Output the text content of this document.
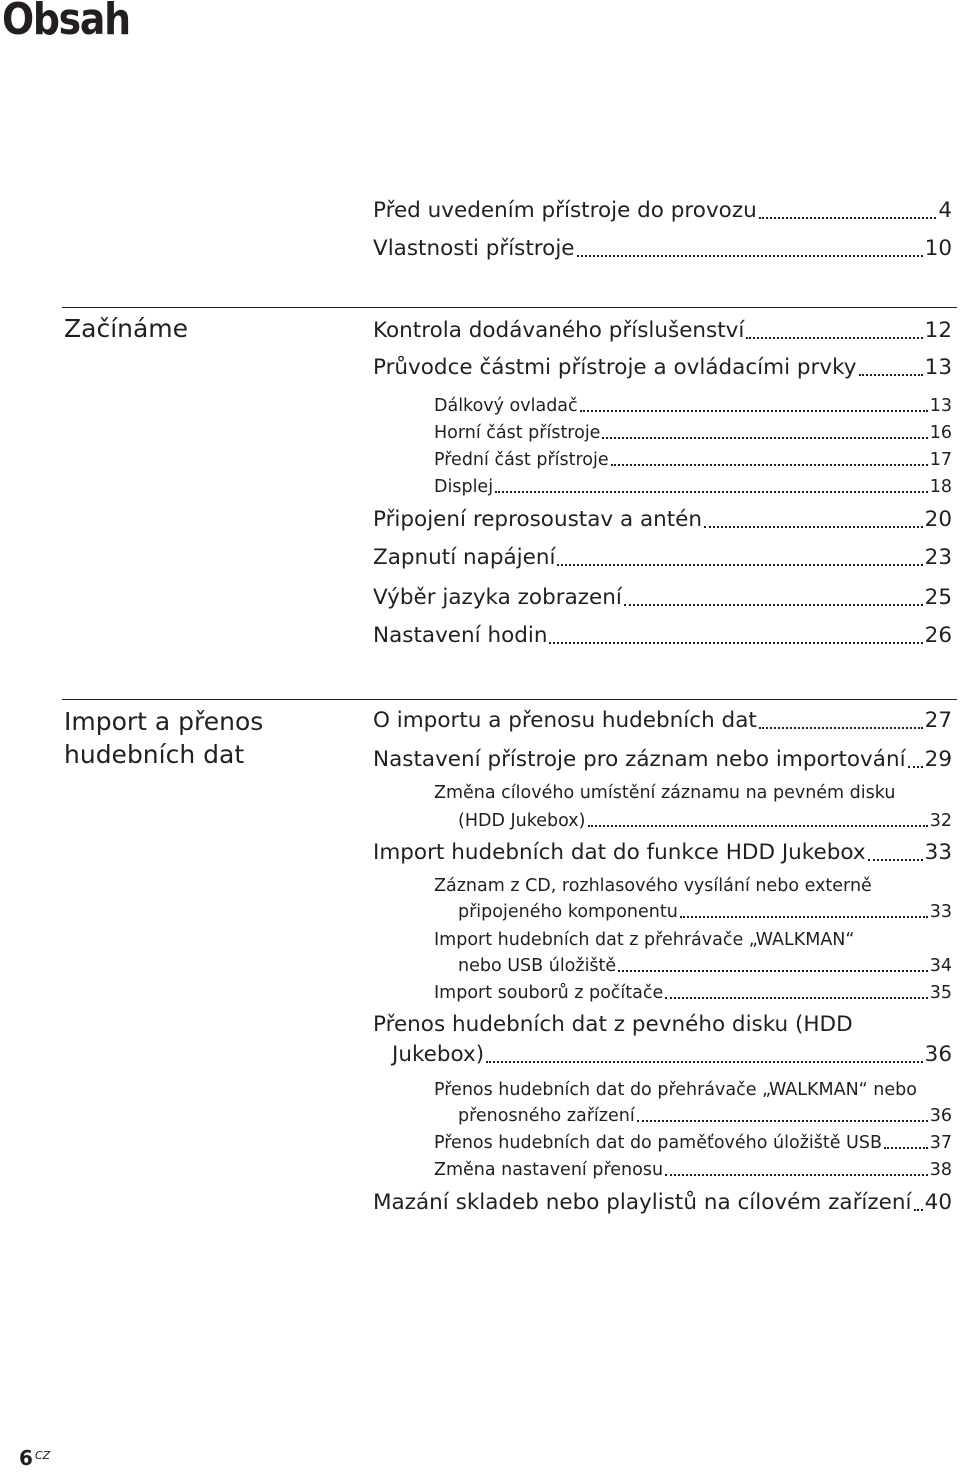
Obsah
Před uvedením přístroje do provozu	4
Vlastnosti přístroje	10
Začínáme	Kontrola dodávaného příslušenství	12
Průvodce částmi přístroje a ovládacími prvky	13
Dálkový ovladač	13
Horní část přístroje	16
Přední část přístroje	17
Displej	18
Připojení reprosoustav a antén	20
Zapnutí napájení	23
Výběr jazyka zobrazení	25
Nastavení hodin	26
Import a přenos
hudebních dat
O importu a přenosu hudebních dat	27
Nastavení přístroje pro záznam nebo importování 29
Změna cílového umístění záznamu na pevném disku
(HDD Jukebox)	32
Import hudebních dat do funkce HDD Jukebox	33
Záznam z CD, rozhlasového vysílání nebo externě
připojeného komponentu	33
Import hudebních dat z přehrávače „WALKMAN“
nebo USB úložiště	34
Import souborů z počítače	35
Přenos hudebních dat z pevného disku (HDD
Jukebox)	36
Přenos hudebních dat do přehrávače „WALKMAN“ nebo
přenosného zařízení	36
Přenos hudebních dat do paměťového úložiště USB	37
Změna nastavení přenosu	38
Mazání skladeb nebo playlistů na cílovém zařízení 40
6 CZ
